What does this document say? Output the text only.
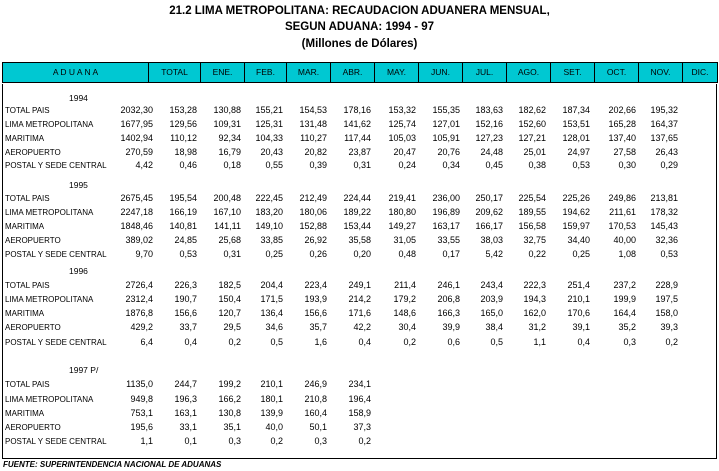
21.2 LIMA METROPOLITANA: RECAUDACION ADUANERA MENSUAL,
SEGUN ADUANA: 1994 - 97
(Millones de Dólares)
A D U A N A	TOTAL	ENE.	FEB.	MAR.	ABR.	MAY.	JUN.	JUL.	AGO.	SET.	OCT.	NOV.	DIC.
1994
TOTAL PAIS	2032,30	153,28	130,88	155,21	154,53	178,16	153,32	155,35	183,63	182,62	187,34	202,66	195,32
LIMA METROPOLITANA	1677,95	129,56	109,31	125,31	131,48	141,62	125,74	127,01	152,16	152,60	153,51	165,28	164,37
MARITIMA	1402,94	110,12	92,34	104,33	110,27	117,44	105,03	105,91	127,23	127,21	128,01	137,40	137,65
AEROPUERTO	270,59	18,98	16,79	20,43	20,82	23,87	20,47	20,76	24,48	25,01	24,97	27,58	26,43
POSTAL Y SEDE CENTRAL	4,42	0,46	0,18	0,55	0,39	0,31	0,24	0,34	0,45	0,38	0,53	0,30	0,29
1995
TOTAL PAIS	2675,45	195,54	200,48	222,45	212,49	224,44	219,41	236,00	250,17	225,54	225,26	249,86	213,81
LIMA METROPOLITANA	2247,18	166,19	167,10	183,20	180,06	189,22	180,80	196,89	209,62	189,55	194,62	211,61	178,32
MARITIMA	1848,46	140,81	141,11	149,10	152,88	153,44	149,27	163,17	166,17	156,58	159,97	170,53	145,43
AEROPUERTO	389,02	24,85	25,68	33,85	26,92	35,58	31,05	33,55	38,03	32,75	34,40	40,00	32,36
POSTAL Y SEDE CENTRAL	9,70	0,53	0,31	0,25	0,26	0,20	0,48	0,17	5,42	0,22	0,25	1,08	0,53
1996
TOTAL PAIS	2726,4	226,3	182,5	204,4	223,4	249,1	211,4	246,1	243,4	222,3	251,4	237,2	228,9
LIMA METROPOLITANA	2312,4	190,7	150,4	171,5	193,9	214,2	179,2	206,8	203,9	194,3	210,1	199,9	197,5
MARITIMA	1876,8	156,6	120,7	136,4	156,6	171,6	148,6	166,3	165,0	162,0	170,6	164,4	158,0
AEROPUERTO	429,2	33,7	29,5	34,6	35,7	42,2	30,4	39,9	38,4	31,2	39,1	35,2	39,3
POSTAL Y SEDE CENTRAL	6,4	0,4	0,2	0,5	1,6	0,4	0,2	0,6	0,5	1,1	0,4	0,3	0,2
1997 P/
TOTAL PAIS	1135,0	244,7	199,2	210,1	246,9	234,1
LIMA METROPOLITANA	949,8	196,3	166,2	180,1	210,8	196,4
MARITIMA	753,1	163,1	130,8	139,9	160,4	158,9
AEROPUERTO	195,6	33,1	35,1	40,0	50,1	37,3
POSTAL Y SEDE CENTRAL	1,1	0,1	0,3	0,2	0,3	0,2
FUENTE: SUPERINTENDENCIA NACIONAL DE ADUANAS
